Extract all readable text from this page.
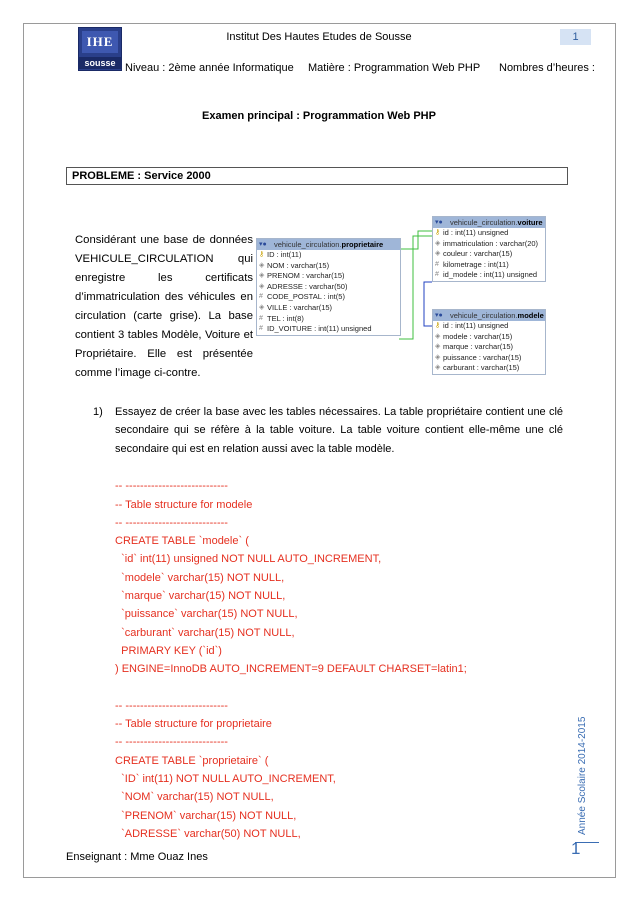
IHE
sousse
Institut Des Hautes Etudes de Sousse	1
Niveau : 2ème année Informatique Matière : Programmation Web PHP Nombres d’heures :
Examen principal : Programmation Web PHP
PROBLEME : Service 2000
Considérant une base de données VEHICULE_CIRCULATION qui enregistre les certificats d’immatriculation des véhicules en circulation (carte grise). La base contient 3 tables Modèle, Voiture et Propriétaire. Elle est présentée comme l’image ci-contre.
▾● vehicule_circulation.proprietaire
⚷ ID : int(11)
◈ NOM : varchar(15)
◈ PRENOM : varchar(15)
◈ ADRESSE : varchar(50)
# CODE_POSTAL : int(5)
◈ VILLE : varchar(15)
# TEL : int(8)
# ID_VOITURE : int(11) unsigned
▾● vehicule_circulation.voiture
⚷ id : int(11) unsigned
◈ immatriculation : varchar(20)
◈ couleur : varchar(15)
# kilometrage : int(11)
# id_modele : int(11) unsigned
▾● vehicule_circulation.modele
⚷ id : int(11) unsigned
◈ modele : varchar(15)
◈ marque : varchar(15)
◈ puissance : varchar(15)
◈ carburant : varchar(15)
1) Essayez de créer la base avec les tables nécessaires. La table propriétaire contient une clé secondaire qui se réfère à la table voiture. La table voiture contient elle-même une clé secondaire qui est en relation aussi avec la table modèle.

-- ----------------------------
-- Table structure for modele
-- ----------------------------
CREATE TABLE `modele` (
`id` int(11) unsigned NOT NULL AUTO_INCREMENT,
`modele` varchar(15) NOT NULL,
`marque` varchar(15) NOT NULL,
`puissance` varchar(15) NOT NULL,
`carburant` varchar(15) NOT NULL,
PRIMARY KEY (`id`)
) ENGINE=InnoDB AUTO_INCREMENT=9 DEFAULT CHARSET=latin1;
-- ----------------------------
-- Table structure for proprietaire
-- ----------------------------
CREATE TABLE `proprietaire` (
`ID` int(11) NOT NULL AUTO_INCREMENT,
`NOM` varchar(15) NOT NULL,
`PRENOM` varchar(15) NOT NULL,
`ADRESSE` varchar(50) NOT NULL,	Année Scolaire 2014-2015
1
Enseignant : Mme Ouaz Ines
